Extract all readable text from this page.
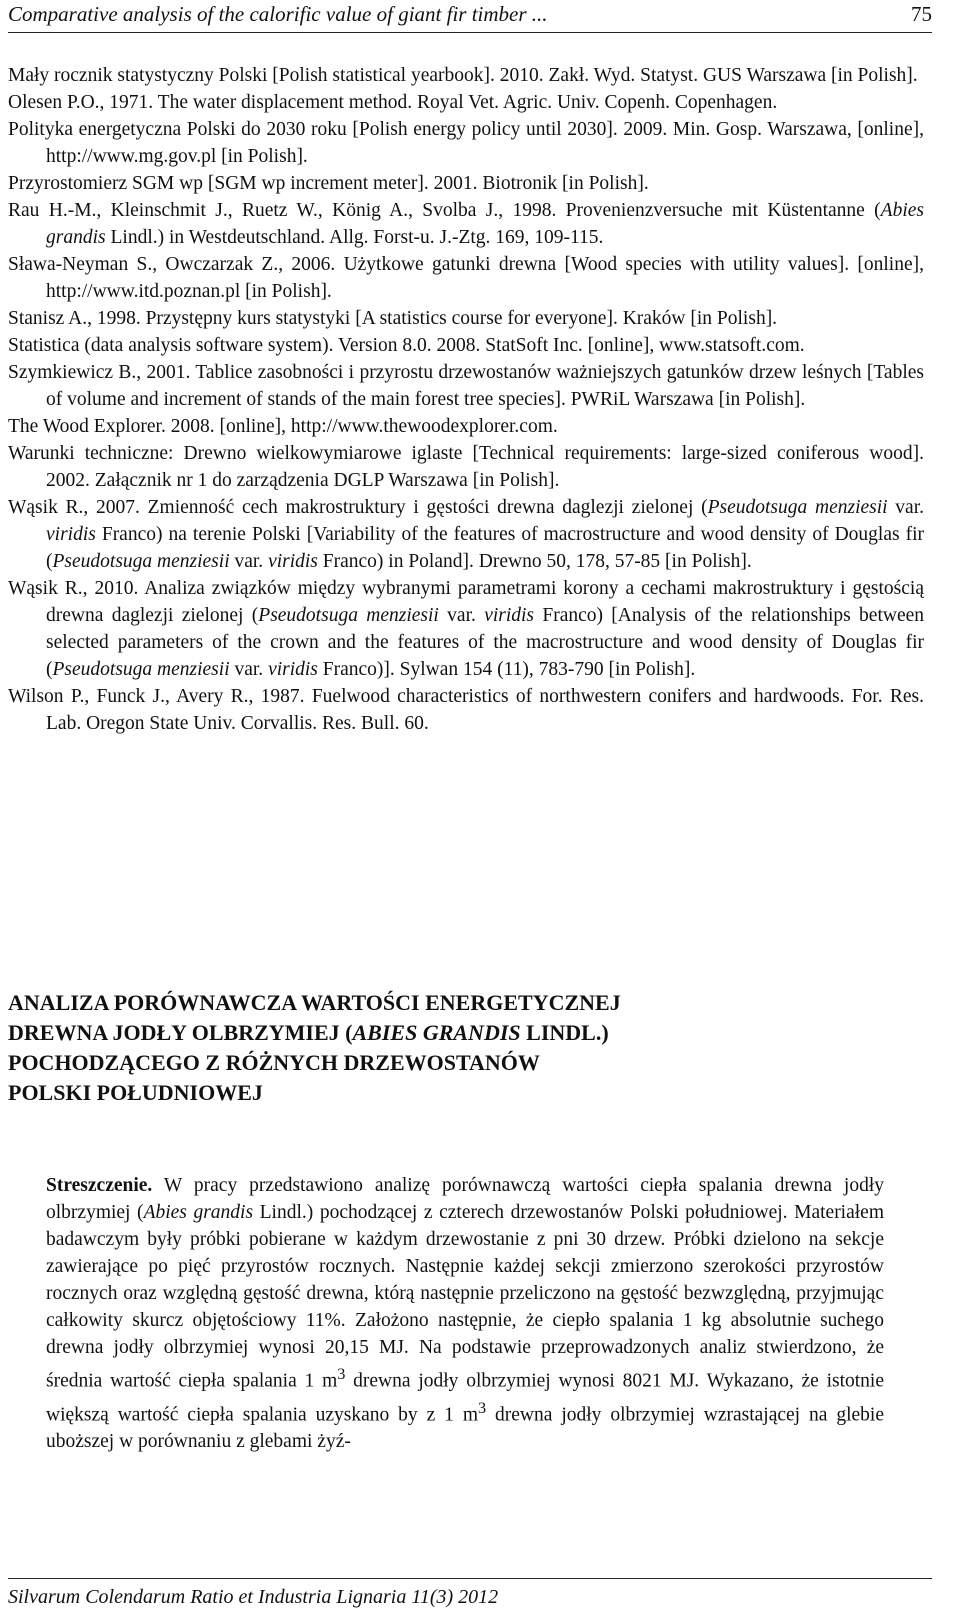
Comparative analysis of the calorific value of giant fir timber ...	75

Mały rocznik statystyczny Polski [Polish statistical yearbook]. 2010. Zakł. Wyd. Statyst. GUS Warszawa [in Polish].

Olesen P.O., 1971. The water displacement method. Royal Vet. Agric. Univ. Copenh. Copenhagen.

Polityka energetyczna Polski do 2030 roku [Polish energy policy until 2030]. 2009. Min. Gosp. Warszawa, [online], http://www.mg.gov.pl [in Polish].

Przyrostomierz SGM wp [SGM wp increment meter]. 2001. Biotronik [in Polish].

Rau H.-M., Kleinschmit J., Ruetz W., König A., Svolba J., 1998. Provenienzversuche mit Küstentanne (Abies grandis Lindl.) in Westdeutschland. Allg. Forst-u. J.-Ztg. 169, 109-115.

Sława-Neyman S., Owczarzak Z., 2006. Użytkowe gatunki drewna [Wood species with utility values]. [online], http://www.itd.poznan.pl [in Polish].

Stanisz A., 1998. Przystępny kurs statystyki [A statistics course for everyone]. Kraków [in Polish].

Statistica (data analysis software system). Version 8.0. 2008. StatSoft Inc. [online], www.statsoft.com.

Szymkiewicz B., 2001. Tablice zasobności i przyrostu drzewostanów ważniejszych gatunków drzew leśnych [Tables of volume and increment of stands of the main forest tree species]. PWRiL Warszawa [in Polish].

The Wood Explorer. 2008. [online], http://www.thewoodexplorer.com.

Warunki techniczne: Drewno wielkowymiarowe iglaste [Technical requirements: large-sized coniferous wood]. 2002. Załącznik nr 1 do zarządzenia DGLP Warszawa [in Polish].

Wąsik R., 2007. Zmienność cech makrostruktury i gęstości drewna daglezji zielonej (Pseudotsuga menziesii var. viridis Franco) na terenie Polski [Variability of the features of macrostructure and wood density of Douglas fir (Pseudotsuga menziesii var. viridis Franco) in Poland]. Drewno 50, 178, 57-85 [in Polish].

Wąsik R., 2010. Analiza związków między wybranymi parametrami korony a cechami makrostruktury i gęstością drewna daglezji zielonej (Pseudotsuga menziesii var. viridis Franco) [Analysis of the relationships between selected parameters of the crown and the features of the macrostructure and wood density of Douglas fir (Pseudotsuga menziesii var. viridis Franco)]. Sylwan 154 (11), 783-790 [in Polish].

Wilson P., Funck J., Avery R., 1987. Fuelwood characteristics of northwestern conifers and hardwoods. For. Res. Lab. Oregon State Univ. Corvallis. Res. Bull. 60.

ANALIZA PORÓWNAWCZA WARTOŚCI ENERGETYCZNEJ
DREWNA JODŁY OLBRZYMIEJ (ABIES GRANDIS LINDL.)
POCHODZĄCEGO Z RÓŻNYCH DRZEWOSTANÓW
POLSKI POŁUDNIOWEJ
Streszczenie. W pracy przedstawiono analizę porównawczą wartości ciepła spalania drewna jodły olbrzymiej (Abies grandis Lindl.) pochodzącej z czterech drzewostanów Polski południowej. Materiałem badawczym były próbki pobierane w każdym drzewostanie z pni 30 drzew. Próbki dzielono na sekcje zawierające po pięć przyrostów rocznych. Następnie każdej sekcji zmierzono szerokości przyrostów rocznych oraz względną gęstość drewna, którą następnie przeliczono na gęstość bezwzględną, przyjmując całkowity skurcz objętościowy 11%. Założono następnie, że ciepło spalania 1 kg absolutnie suchego drewna jodły olbrzymiej wynosi 20,15 MJ. Na podstawie przeprowadzonych analiz stwierdzono, że średnia wartość ciepła spalania 1 $m^3$ drewna jodły olbrzymiej wynosi 8021 MJ. Wykazano, że istotnie większą wartość ciepła spalania uzyskano by z 1 $m^3$ drewna jodły olbrzymiej wzrastającej na glebie uboższej w porównaniu z glebami żyź-
Silvarum Colendarum Ratio et Industria Lignaria 11(3) 2012
